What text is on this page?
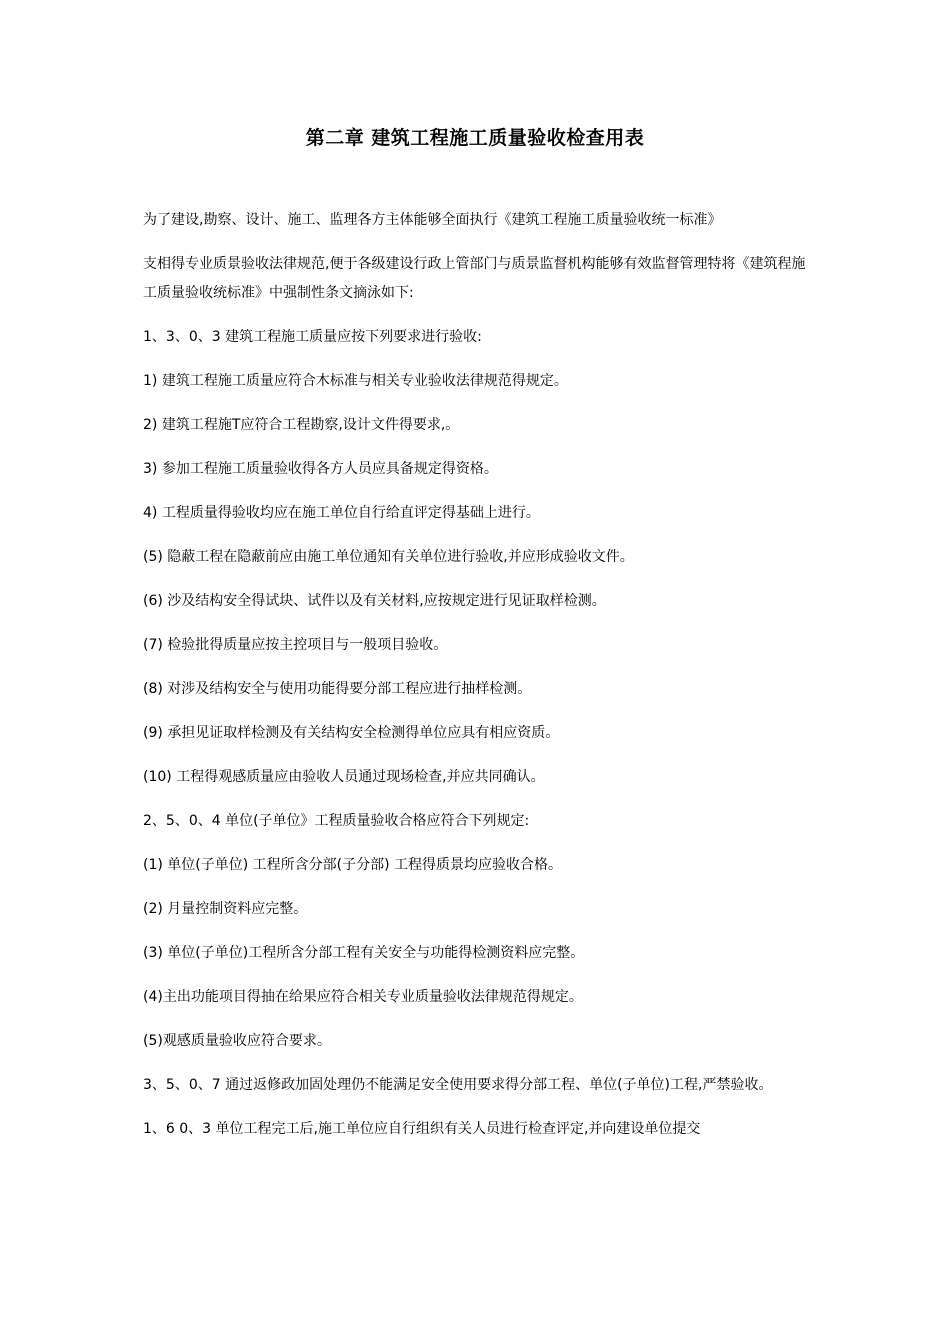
第二章 建筑工程施工质量验收检查用表

为了建设,勘察、设计、施工、监理各方主体能够全面执行《建筑工程施工质量验收统一标准》

支相得专业质景验收法律规范,便于各级建设行政上管部门与质景监督机构能够有效监督管理特将《建筑程施工质量验收统标准》中强制性条文摘泳如下:

1、3、0、3 建筑工程施工质量应按下列要求进行验收:

1) 建筑工程施工质量应符合木标准与相关专业验收法律规范得规定。

2) 建筑工程施T应符合工程勘察,设计文件得要求,。

3) 参加工程施工质量验收得各方人员应具备规定得资格。

4) 工程质量得验收均应在施工单位自行给直评定得基础上进行。

(5) 隐蔽工程在隐蔽前应由施工单位通知有关单位进行验收,并应形成验收文件。

(6) 沙及结构安全得试块、试件以及有关材料,应按规定进行见证取样检测。

(7) 检验批得质量应按主控项目与一般项目验收。

(8) 对涉及结构安全与使用功能得要分部工程应进行抽样检测。

(9) 承担见证取样检测及有关结构安全检测得单位应具有相应资质。

(10) 工程得观感质量应由验收人员通过现场检查,并应共同确认。

2、5、0、4 单位(子单位》工程质量验收合格应符合下列规定:

(1) 单位(子单位) 工程所含分部(子分部) 工程得质景均应验收合格。

(2) 月量控制资料应完整。

(3) 单位(子单位)工程所含分部工程有关安全与功能得检测资料应完整。

(4)主出功能项目得抽在给果应符合相关专业质量验收法律规范得规定。

(5)观感质量验收应符合要求。

3、5、0、7 通过返修政加固处理仍不能满足安全使用要求得分部工程、单位(子单位)工程,严禁验收。

1、6 0、3 单位工程完工后,施工单位应自行组织有关人员进行检查评定,并向建设单位提交
